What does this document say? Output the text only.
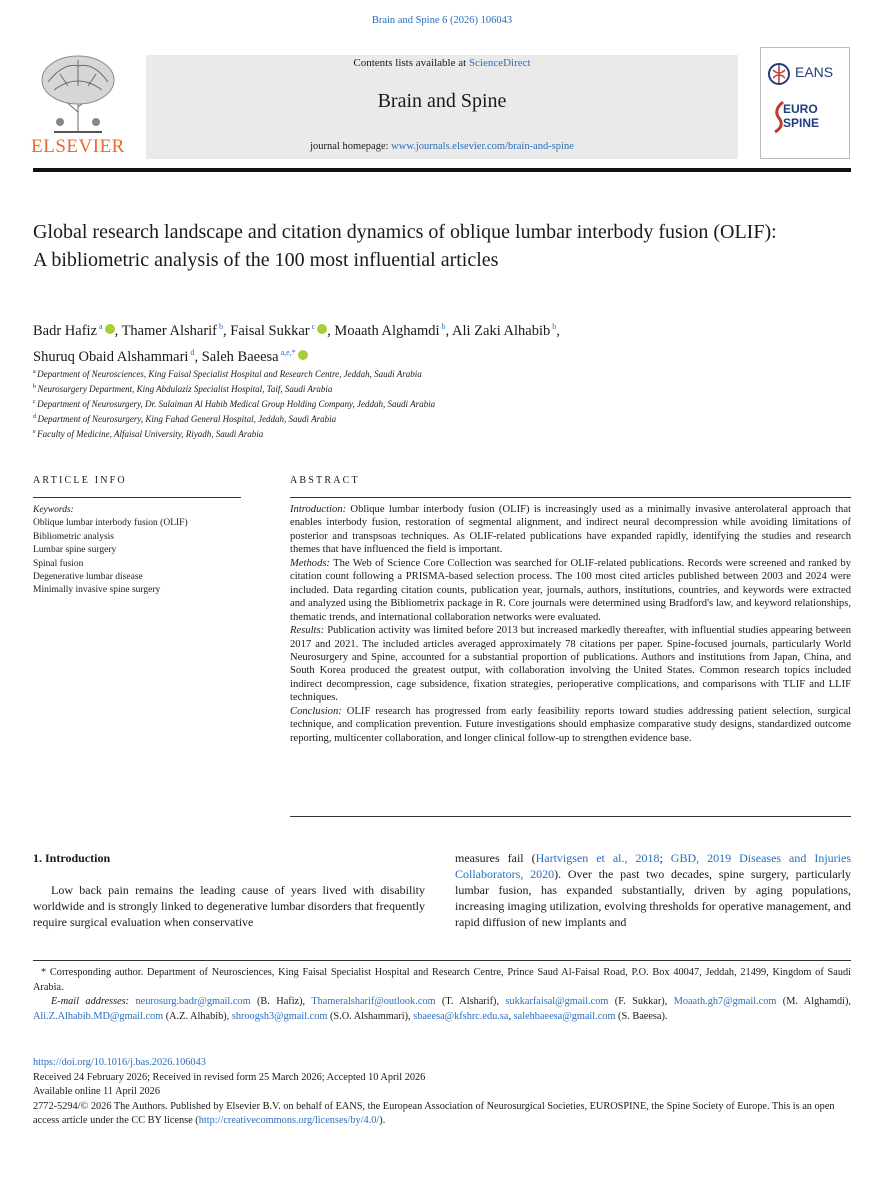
Brain and Spine 6 (2026) 106043
ELSEVIER
Contents lists available at ScienceDirect
Brain and Spine
journal homepage: www.journals.elsevier.com/brain-and-spine
EANS
EURO
SPINE
Global research landscape and citation dynamics of oblique lumbar interbody fusion (OLIF): A bibliometric analysis of the 100 most influential articles
Badr Hafiz $^a$ , Thamer Alsharif $^b$, Faisal Sukkar $^c$ , Moaath Alghamdi $^b$, Ali Zaki Alhabib $^b$,
Shuruq Obaid Alshammari $^d$, Saleh Baeesa $^{a,e,*}$
$^a$ Department of Neurosciences, King Faisal Specialist Hospital and Research Centre, Jeddah, Saudi Arabia
$^b$ Neurosurgery Department, King Abdulaziz Specialist Hospital, Taif, Saudi Arabia
$^c$ Department of Neurosurgery, Dr. Sulaiman Al Habib Medical Group Holding Company, Jeddah, Saudi Arabia
$^d$ Department of Neurosurgery, King Fahad General Hospital, Jeddah, Saudi Arabia
$^e$ Faculty of Medicine, Alfaisal University, Riyadh, Saudi Arabia
ARTICLE INFO
Keywords:
Oblique lumbar interbody fusion (OLIF)
Bibliometric analysis
Lumbar spine surgery
Spinal fusion
Degenerative lumbar disease
Minimally invasive spine surgery
ABSTRACT

Introduction: Oblique lumbar interbody fusion (OLIF) is increasingly used as a minimally invasive anterolateral approach that enables interbody fusion, restoration of segmental alignment, and indirect neural decompression while avoiding limitations of posterior and transpsoas techniques. As OLIF-related publications have expanded rapidly, identifying the studies and research themes that have influenced the field is important.

Methods: The Web of Science Core Collection was searched for OLIF-related publications. Records were screened and ranked by citation count following a PRISMA-based selection process. The 100 most cited articles published between 2003 and 2024 were included. Data regarding citation counts, publication year, journals, authors, institutions, countries, and keywords were extracted and analyzed using the Bibliometrix package in R. Core journals were determined using Bradford's law, and keyword relationships, thematic trends, and international collaboration networks were evaluated.

Results: Publication activity was limited before 2013 but increased markedly thereafter, with influential studies appearing between 2017 and 2021. The included articles averaged approximately 78 citations per paper. Spine-focused journals, particularly World Neurosurgery and Spine, accounted for a substantial proportion of publications. Authors and institutions from Japan, China, and South Korea produced the greatest output, with collaboration involving the United States. Common research topics included indirect decompression, cage subsidence, fixation strategies, perioperative complications, and comparisons with TLIF and LLIF techniques.

Conclusion: OLIF research has progressed from early feasibility reports toward studies addressing patient selection, surgical technique, and complication prevention. Future investigations should emphasize comparative study designs, standardized outcome reporting, multicenter collaboration, and longer clinical follow-up to strengthen evidence base.

1. Introduction

Low back pain remains the leading cause of years lived with disability worldwide and is strongly linked to degenerative lumbar disorders that frequently require surgical evaluation when conservative

measures fail (Hartvigsen et al., 2018; GBD, 2019 Diseases and Injuries Collaborators, 2020). Over the past two decades, spine surgery, particularly lumbar fusion, has expanded substantially, driven by aging populations, increasing imaging utilization, evolving thresholds for operative management, and rapid diffusion of new implants and

* Corresponding author. Department of Neurosciences, King Faisal Specialist Hospital and Research Centre, Prince Saud Al-Faisal Road, P.O. Box 40047, Jeddah, 21499, Kingdom of Saudi Arabia.
E-mail addresses: neurosurg.badr@gmail.com (B. Hafiz), Thameralsharif@outlook.com (T. Alsharif), sukkarfaisal@gmail.com (F. Sukkar), Moaath.gh7@gmail.com (M. Alghamdi), Ali.Z.Alhabib.MD@gmail.com (A.Z. Alhabib), shroogsh3@gmail.com (S.O. Alshammari), sbaeesa@kfshrc.edu.sa, salehbaeesa@gmail.com (S. Baeesa).
https://doi.org/10.1016/j.bas.2026.106043
Received 24 February 2026; Received in revised form 25 March 2026; Accepted 10 April 2026
Available online 11 April 2026
2772-5294/© 2026 The Authors. Published by Elsevier B.V. on behalf of EANS, the European Association of Neurosurgical Societies, EUROSPINE, the Spine Society of Europe. This is an open access article under the CC BY license (http://creativecommons.org/licenses/by/4.0/).
